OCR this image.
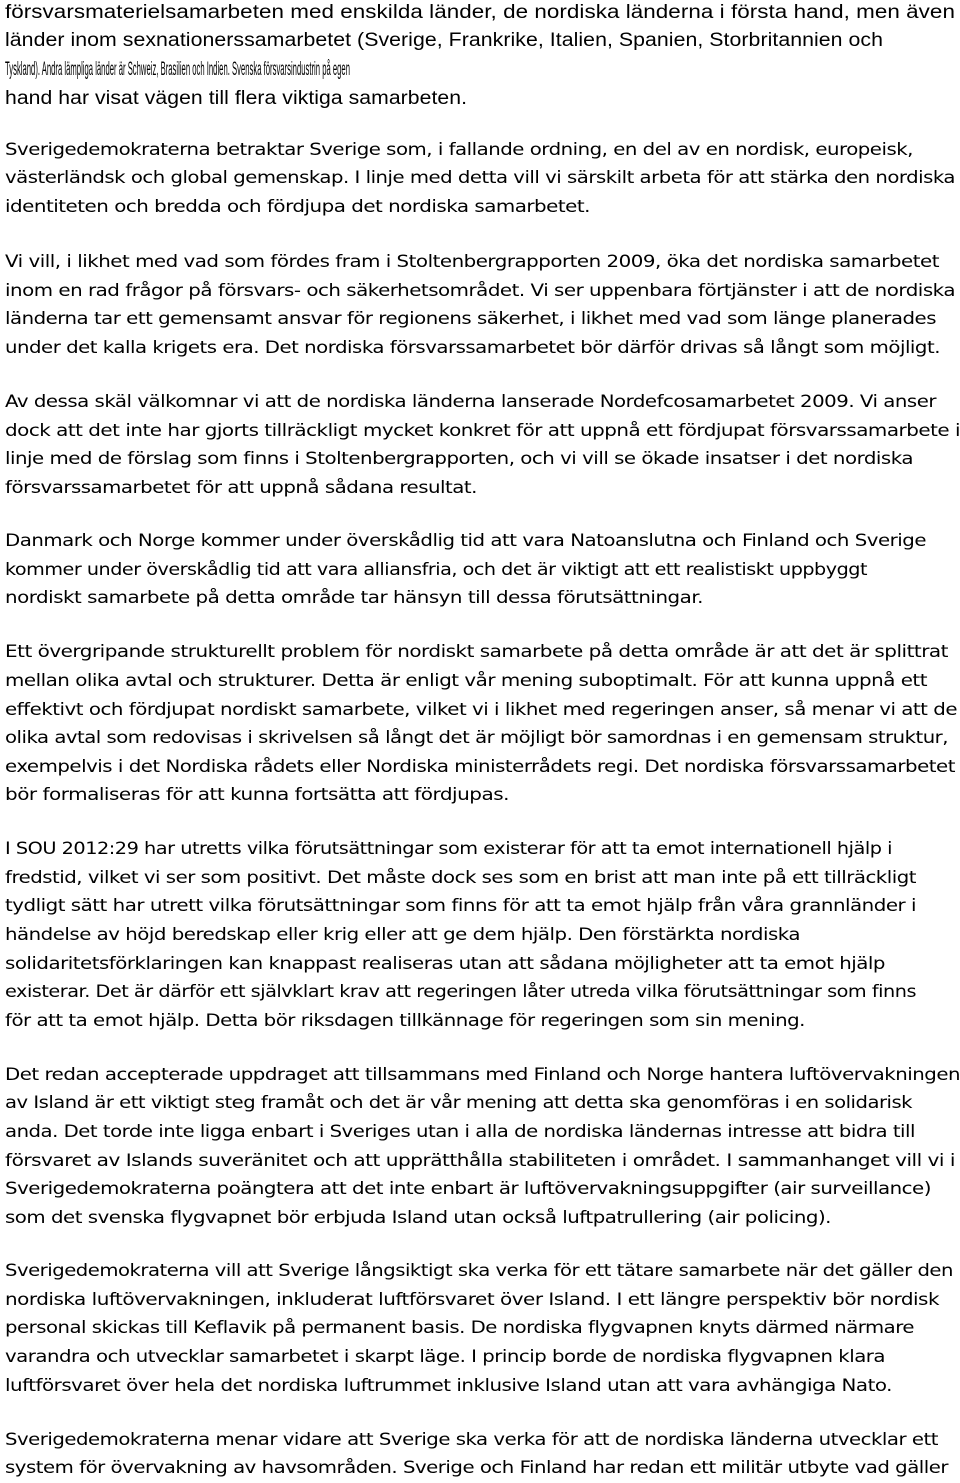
försvarsmaterielsamarbeten med enskilda länder, de nordiska länderna i första hand, men även
länder inom sexnationerssamarbetet (Sverige, Frankrike, Italien, Spanien, Storbritannien och
Tyskland). Andra lämpliga länder är Schweiz, Brasilien och Indien. Svenska försvarsindustrin på egen
hand har visat vägen till flera viktiga samarbeten.
Sverigedemokraterna betraktar Sverige som, i fallande ordning, en del av en nordisk, europeisk,
västerländsk och global gemenskap. I linje med detta vill vi särskilt arbeta för att stärka den nordiska
identiteten och bredda och fördjupa det nordiska samarbetet.
Vi vill, i likhet med vad som fördes fram i Stoltenbergrapporten 2009, öka det nordiska samarbetet
inom en rad frågor på försvars- och säkerhetsområdet. Vi ser uppenbara förtjänster i att de nordiska
länderna tar ett gemensamt ansvar för regionens säkerhet, i likhet med vad som länge planerades
under det kalla krigets era. Det nordiska försvarssamarbetet bör därför drivas så långt som möjligt.
Av dessa skäl välkomnar vi att de nordiska länderna lanserade Nordefcosamarbetet 2009. Vi anser
dock att det inte har gjorts tillräckligt mycket konkret för att uppnå ett fördjupat försvarssamarbete i
linje med de förslag som finns i Stoltenbergrapporten, och vi vill se ökade insatser i det nordiska
försvarssamarbetet för att uppnå sådana resultat.
Danmark och Norge kommer under överskådlig tid att vara Natoanslutna och Finland och Sverige
kommer under överskådlig tid att vara alliansfria, och det är viktigt att ett realistiskt uppbyggt
nordiskt samarbete på detta område tar hänsyn till dessa förutsättningar.
Ett övergripande strukturellt problem för nordiskt samarbete på detta område är att det är splittrat
mellan olika avtal och strukturer. Detta är enligt vår mening suboptimalt. För att kunna uppnå ett
effektivt och fördjupat nordiskt samarbete, vilket vi i likhet med regeringen anser, så menar vi att de
olika avtal som redovisas i skrivelsen så långt det är möjligt bör samordnas i en gemensam struktur,
exempelvis i det Nordiska rådets eller Nordiska ministerrådets regi. Det nordiska försvarssamarbetet
bör formaliseras för att kunna fortsätta att fördjupas.
I SOU 2012:29 har utretts vilka förutsättningar som existerar för att ta emot internationell hjälp i
fredstid, vilket vi ser som positivt. Det måste dock ses som en brist att man inte på ett tillräckligt
tydligt sätt har utrett vilka förutsättningar som finns för att ta emot hjälp från våra grannländer i
händelse av höjd beredskap eller krig eller att ge dem hjälp. Den förstärkta nordiska
solidaritetsförklaringen kan knappast realiseras utan att sådana möjligheter att ta emot hjälp
existerar. Det är därför ett självklart krav att regeringen låter utreda vilka förutsättningar som finns
för att ta emot hjälp. Detta bör riksdagen tillkännage för regeringen som sin mening.
Det redan accepterade uppdraget att tillsammans med Finland och Norge hantera luftövervakningen
av Island är ett viktigt steg framåt och det är vår mening att detta ska genomföras i en solidarisk
anda. Det torde inte ligga enbart i Sveriges utan i alla de nordiska ländernas intresse att bidra till
försvaret av Islands suveränitet och att upprätthålla stabiliteten i området. I sammanhanget vill vi i
Sverigedemokraterna poängtera att det inte enbart är luftövervakningsuppgifter (air surveillance)
som det svenska flygvapnet bör erbjuda Island utan också luftpatrullering (air policing).
Sverigedemokraterna vill att Sverige långsiktigt ska verka för ett tätare samarbete när det gäller den
nordiska luftövervakningen, inkluderat luftförsvaret över Island. I ett längre perspektiv bör nordisk
personal skickas till Keflavik på permanent basis. De nordiska flygvapnen knyts därmed närmare
varandra och utvecklar samarbetet i skarpt läge. I princip borde de nordiska flygvapnen klara
luftförsvaret över hela det nordiska luftrummet inklusive Island utan att vara avhängiga Nato.
Sverigedemokraterna menar vidare att Sverige ska verka för att de nordiska länderna utvecklar ett
system för övervakning av havsområden. Sverige och Finland har redan ett militär utbyte vad gäller
